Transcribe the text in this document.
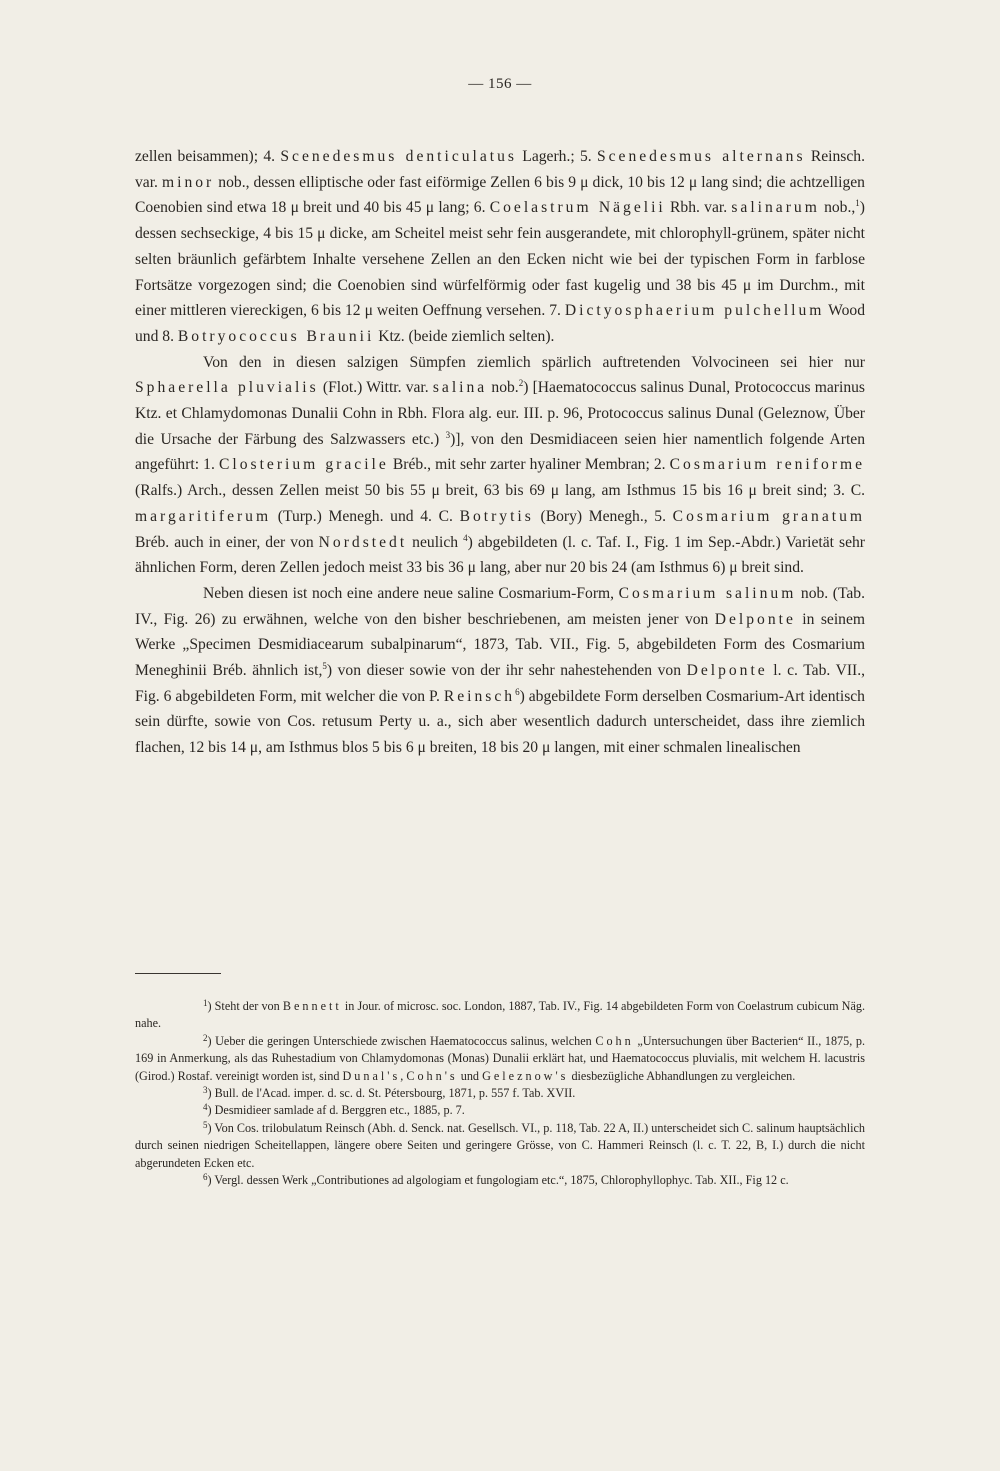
— 156 —

zellen beisammen); 4. Scenedesmus denticulatus Lagerh.; 5. Scenedesmus alternans Reinsch. var. minor nob., dessen elliptische oder fast eiförmige Zellen 6 bis 9 μ dick, 10 bis 12 μ lang sind; die achtzelligen Coenobien sind etwa 18 μ breit und 40 bis 45 μ lang; 6. Coelastrum Nägelii Rbh. var. salinarum nob.,$^1$) dessen sechseckige, 4 bis 15 μ dicke, am Scheitel meist sehr fein ausgerandete, mit chlorophyll-grünem, später nicht selten bräunlich gefärbtem Inhalte versehene Zellen an den Ecken nicht wie bei der typischen Form in farblose Fortsätze vorgezogen sind; die Coenobien sind würfelförmig oder fast kugelig und 38 bis 45 μ im Durchm., mit einer mittleren viereckigen, 6 bis 12 μ weiten Oeffnung versehen. 7. Dictyosphaerium pulchellum Wood und 8. Botryococcus Braunii Ktz. (beide ziemlich selten).

Von den in diesen salzigen Sümpfen ziemlich spärlich auftretenden Volvocineen sei hier nur Sphaerella pluvialis (Flot.) Wittr. var. salina nob.$^2$) [Haematococcus salinus Dunal, Protococcus marinus Ktz. et Chlamydomonas Dunalii Cohn in Rbh. Flora alg. eur. III. p. 96, Protococcus salinus Dunal (Geleznow, Über die Ursache der Färbung des Salzwassers etc.) $^3$)], von den Desmidiaceen seien hier namentlich folgende Arten angeführt: 1. Closterium gracile Bréb., mit sehr zarter hyaliner Membran; 2. Cosmarium reniforme (Ralfs.) Arch., dessen Zellen meist 50 bis 55 μ breit, 63 bis 69 μ lang, am Isthmus 15 bis 16 μ breit sind; 3. C. margaritiferum (Turp.) Menegh. und 4. C. Botrytis (Bory) Menegh., 5. Cosmarium granatum Bréb. auch in einer, der von Nordstedt neulich $^4$) abgebildeten (l. c. Taf. I., Fig. 1 im Sep.-Abdr.) Varietät sehr ähnlichen Form, deren Zellen jedoch meist 33 bis 36 μ lang, aber nur 20 bis 24 (am Isthmus 6) μ breit sind.

Neben diesen ist noch eine andere neue saline Cosmarium-Form, Cosmarium salinum nob. (Tab. IV., Fig. 26) zu erwähnen, welche von den bisher beschriebenen, am meisten jener von Delponte in seinem Werke „Specimen Desmidiacearum subalpinarum“, 1873, Tab. VII., Fig. 5, abgebildeten Form des Cosmarium Meneghinii Bréb. ähnlich ist,$^5$) von dieser sowie von der ihr sehr nahestehenden von Delponte l. c. Tab. VII., Fig. 6 abgebildeten Form, mit welcher die von P. Reinsch$^6$) abgebildete Form derselben Cosmarium-Art identisch sein dürfte, sowie von Cos. retusum Perty u. a., sich aber wesentlich dadurch unterscheidet, dass ihre ziemlich flachen, 12 bis 14 μ, am Isthmus blos 5 bis 6 μ breiten, 18 bis 20 μ langen, mit einer schmalen linealischen

$^1$) Steht der von Bennett in Jour. of microsc. soc. London, 1887, Tab. IV., Fig. 14 abgebildeten Form von Coelastrum cubicum Näg. nahe.

$^2$) Ueber die geringen Unterschiede zwischen Haematococcus salinus, welchen Cohn „Untersuchungen über Bacterien“ II., 1875, p. 169 in Anmerkung, als das Ruhestadium von Chlamydomonas (Monas) Dunalii erklärt hat, und Haematococcus pluvialis, mit welchem H. lacustris (Girod.) Rostaf. vereinigt worden ist, sind Dunal's, Cohn's und Geleznow's diesbezügliche Abhandlungen zu vergleichen.

$^3$) Bull. de l'Acad. imper. d. sc. d. St. Pétersbourg, 1871, p. 557 f. Tab. XVII.

$^4$) Desmidieer samlade af d. Berggren etc., 1885, p. 7.

$^5$) Von Cos. trilobulatum Reinsch (Abh. d. Senck. nat. Gesellsch. VI., p. 118, Tab. 22 A, II.) unterscheidet sich C. salinum hauptsächlich durch seinen niedrigen Scheitellappen, längere obere Seiten und geringere Grösse, von C. Hammeri Reinsch (l. c. T. 22, B, I.) durch die nicht abgerundeten Ecken etc.

$^6$) Vergl. dessen Werk „Contributiones ad algologiam et fungologiam etc.“, 1875, Chlorophyllophyc. Tab. XII., Fig 12 c.
